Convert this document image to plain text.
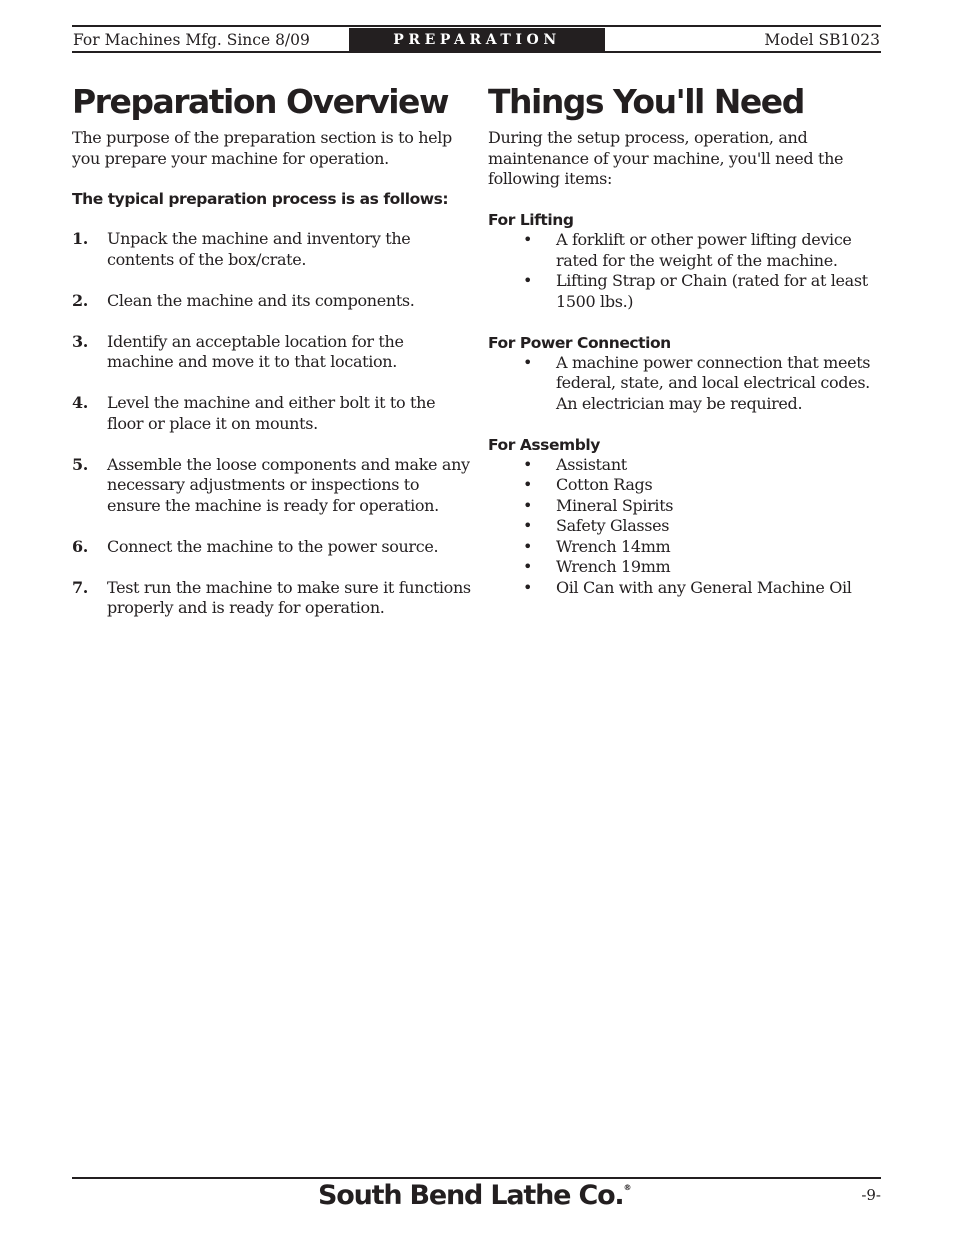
For Machines Mfg. Since 8/09	PREPARATION	Model SB1023
Preparation Overview

The purpose of the preparation section is to help you prepare your machine for operation.

The typical preparation process is as follows:
1. Unpack the machine and inventory the contents of the box/crate.
2. Clean the machine and its components.
3. Identify an acceptable location for the machine and move it to that location.
4. Level the machine and either bolt it to the floor or place it on mounts.
5. Assemble the loose components and make any necessary adjustments or inspections to ensure the machine is ready for operation.
6. Connect the machine to the power source.
7. Test run the machine to make sure it functions properly and is ready for operation.
Things You'll Need

During the setup process, operation, and maintenance of your machine, you'll need the following items:

For Lifting
• A forklift or other power lifting device rated for the weight of the machine.
• Lifting Strap or Chain (rated for at least 1500 lbs.)
For Power Connection
• A machine power connection that meets federal, state, and local electrical codes. An electrician may be required.
For Assembly
• Assistant
• Cotton Rags
• Mineral Spirits
• Safety Glasses
• Wrench 14mm
• Wrench 19mm
• Oil Can with any General Machine Oil
South Bend Lathe Co.®	-9-
